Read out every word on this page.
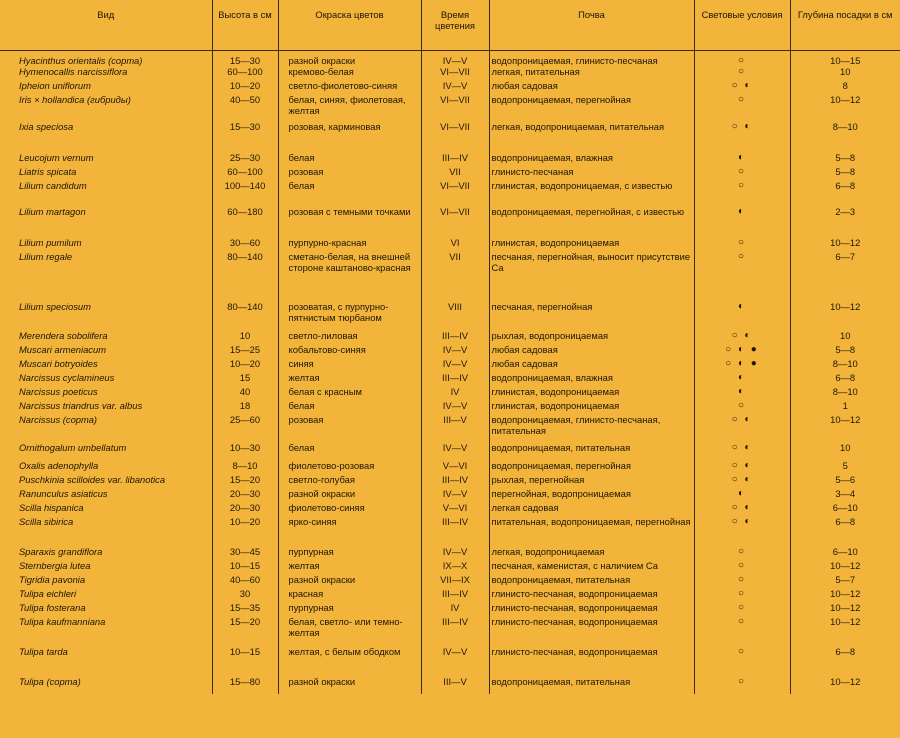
Вид	Высота в см	Окраска цветов	Время цветения	Почва	Световые условия	Глубина посадки в см
Hyacinthus orientalis (сорта)	15—30	разной окраски	IV—V	водопроницаемая, глинисто-песчаная	○	10—15
Hymenocallis narcissiflora	60—100	кремово-белая	VI—VII	легкая, питательная	○	10
Ipheion uniflorum	10—20	светло-фиолетово-синяя	IV—V	любая садовая	○ ◐	8
Iris × hollandica (гибриды)	40—50	белая, синяя, фиолетовая, желтая	VI—VII	водопроницаемая, перегнойная	○	10—12
Ixia speciosa	15—30	розовая, карминовая	VI—VII	легкая, водопроницаемая, питательная	○ ◐	8—10
Leucojum vernum	25—30	белая	III—IV	водопроницаемая, влажная	◐	5—8
Liatris spicata	60—100	розовая	VII	глинисто-песчаная	○	5—8
Lilium candidum	100—140	белая	VI—VII	глинистая, водопроницаемая, с известью	○	6—8
Lilium martagon	60—180	розовая с темными точками	VI—VII	водопроницаемая, перегнойная, с известью	◐	2—3
Lilium pumilum	30—60	пурпурно-красная	VI	глинистая, водопроницаемая	○	10—12
Lilium regale	80—140	сметано-белая, на внешней стороне каштаново-красная	VII	песчаная, перегнойная, выносит присутствие Са	○	6—7
Lilium speciosum	80—140	розоватая, с пурпурно-пятнистым тюрбаном	VIII	песчаная, перегнойная	◐	10—12
Merendera sobolifera	10	светло-лиловая	III—IV	рыхлая, водопроницаемая	○ ◐	10
Muscari armeniacum	15—25	кобальтово-синяя	IV—V	любая садовая	○ ◐ ●	5—8
Muscari botryoides	10—20	синяя	IV—V	любая садовая	○ ◐ ●	8—10
Narcissus cyclamineus	15	желтая	III—IV	водопроницаемая, влажная	◐	6—8
Narcissus poeticus	40	белая с красным	IV	глинистая, водопроницаемая	◐	8—10
Narcissus triandrus var. albus	18	белая	IV—V	глинистая, водопроницаемая	○	1
Narcissus (сорта)	25—60	розовая	III—V	водопроницаемая, глинисто-песчаная, питательная	○ ◐	10—12
Ornithogalum umbellatum	10—30	белая	IV—V	водопроницаемая, питательная	○ ◐	10
Oxalis adenophylla	8—10	фиолетово-розовая	V—VI	водопроницаемая, перегнойная	○ ◐	5
Puschkinia scilloides var. libanotica	15—20	светло-голубая	III—IV	рыхлая, перегнойная	○ ◐	5—6
Ranunculus asiaticus	20—30	разной окраски	IV—V	перегнойная, водопроницаемая	◐	3—4
Scilla hispanica	20—30	фиолетово-синяя	V—VI	легкая садовая	○ ◐	6—10
Scilla sibirica	10—20	ярко-синяя	III—IV	питательная, водопроницаемая, перегнойная	○ ◐	6—8
Sparaxis grandiflora	30—45	пурпурная	IV—V	легкая, водопроницаемая	○	6—10
Sternbergia lutea	10—15	желтая	IX—X	песчаная, каменистая, с наличием Са	○	10—12
Tigridia pavonia	40—60	разной окраски	VII—IX	водопроницаемая, питательная	○	5—7
Tulipa eichleri	30	красная	III—IV	глинисто-песчаная, водопроницаемая	○	10—12
Tulipa fosterana	15—35	пурпурная	IV	глинисто-песчаная, водопроницаемая	○	10—12
Tulipa kaufmanniana	15—20	белая, светло- или темно-желтая	III—IV	глинисто-песчаная, водопроницаемая	○	10—12
Tulipa tarda	10—15	желтая, с белым ободком	IV—V	глинисто-песчаная, водопроницаемая	○	6—8
Tulipa (сорта)	15—80	разной окраски	III—V	водопроницаемая, питательная	○	10—12
